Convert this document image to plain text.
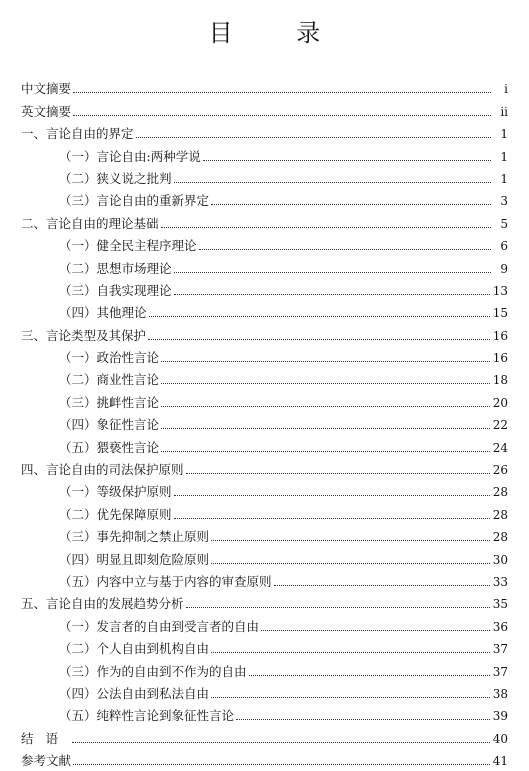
目 录
中文摘要	i
英文摘要	ii
一、言论自由的界定	1
（一）言论自由:两种学说	1
（二）狭义说之批判	1
（三）言论自由的重新界定	3
二、言论自由的理论基础	5
（一）健全民主程序理论	6
（二）思想市场理论	9
（三）自我实现理论	13
（四）其他理论	15
三、言论类型及其保护	16
（一）政治性言论	16
（二）商业性言论	18
（三）挑衅性言论	20
（四）象征性言论	22
（五）猥亵性言论	24
四、言论自由的司法保护原则	26
（一）等级保护原则	28
（二）优先保障原则	28
（三）事先抑制之禁止原则	28
（四）明显且即刻危险原则	30
（五）内容中立与基于内容的审查原则	33
五、言论自由的发展趋势分析	35
（一）发言者的自由到受言者的自由	36
（二）个人自由到机构自由	37
（三）作为的自由到不作为的自由	37
（四）公法自由到私法自由	38
（五）纯粹性言论到象征性言论	39
结语	40
参考文献	41
